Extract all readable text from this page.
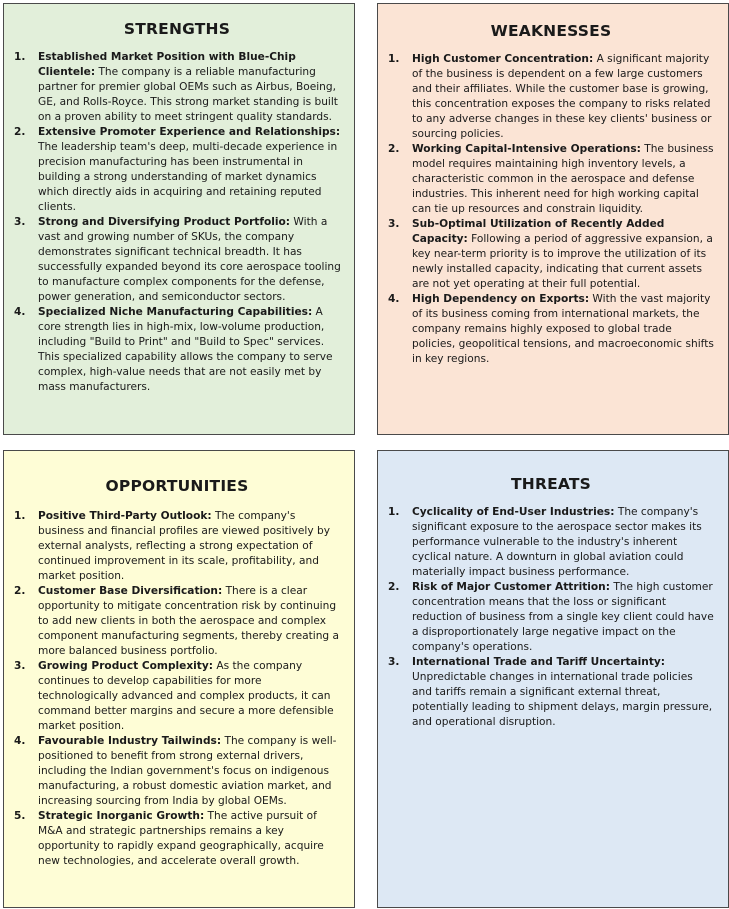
STRENGTHS
1.	Established Market Position with Blue-Chip Clientele: The company is a reliable manufacturing partner for premier global OEMs such as Airbus, Boeing, GE, and Rolls-Royce. This strong market standing is built on a proven ability to meet stringent quality standards.
2.	Extensive Promoter Experience and Relationships: The leadership team's deep, multi-decade experience in precision manufacturing has been instrumental in building a strong understanding of market dynamics which directly aids in acquiring and retaining reputed clients.
3.	Strong and Diversifying Product Portfolio: With a vast and growing number of SKUs, the company demonstrates significant technical breadth. It has successfully expanded beyond its core aerospace tooling to manufacture complex components for the defense, power generation, and semiconductor sectors.
4.	Specialized Niche Manufacturing Capabilities: A core strength lies in high-mix, low-volume production, including "Build to Print" and "Build to Spec" services. This specialized capability allows the company to serve complex, high-value needs that are not easily met by mass manufacturers.
WEAKNESSES
1.	High Customer Concentration: A significant majority of the business is dependent on a few large customers and their affiliates. While the customer base is growing, this concentration exposes the company to risks related to any adverse changes in these key clients' business or sourcing policies.
2.	Working Capital-Intensive Operations: The business model requires maintaining high inventory levels, a characteristic common in the aerospace and defense industries. This inherent need for high working capital can tie up resources and constrain liquidity.
3.	Sub-Optimal Utilization of Recently Added Capacity: Following a period of aggressive expansion, a key near-term priority is to improve the utilization of its newly installed capacity, indicating that current assets are not yet operating at their full potential.
4.	High Dependency on Exports: With the vast majority of its business coming from international markets, the company remains highly exposed to global trade policies, geopolitical tensions, and macroeconomic shifts in key regions.
OPPORTUNITIES
1.	Positive Third-Party Outlook: The company's business and financial profiles are viewed positively by external analysts, reflecting a strong expectation of continued improvement in its scale, profitability, and market position.
2.	Customer Base Diversification: There is a clear opportunity to mitigate concentration risk by continuing to add new clients in both the aerospace and complex component manufacturing segments, thereby creating a more balanced business portfolio.
3.	Growing Product Complexity: As the company continues to develop capabilities for more technologically advanced and complex products, it can command better margins and secure a more defensible market position.
4.	Favourable Industry Tailwinds: The company is well-positioned to benefit from strong external drivers, including the Indian government's focus on indigenous manufacturing, a robust domestic aviation market, and increasing sourcing from India by global OEMs.
5.	Strategic Inorganic Growth: The active pursuit of M&A and strategic partnerships remains a key opportunity to rapidly expand geographically, acquire new technologies, and accelerate overall growth.
THREATS
1.	Cyclicality of End-User Industries: The company's significant exposure to the aerospace sector makes its performance vulnerable to the industry's inherent cyclical nature. A downturn in global aviation could materially impact business performance.
2.	Risk of Major Customer Attrition: The high customer concentration means that the loss or significant reduction of business from a single key client could have a disproportionately large negative impact on the company's operations.
3.	International Trade and Tariff Uncertainty: Unpredictable changes in international trade policies and tariffs remain a significant external threat, potentially leading to shipment delays, margin pressure, and operational disruption.
